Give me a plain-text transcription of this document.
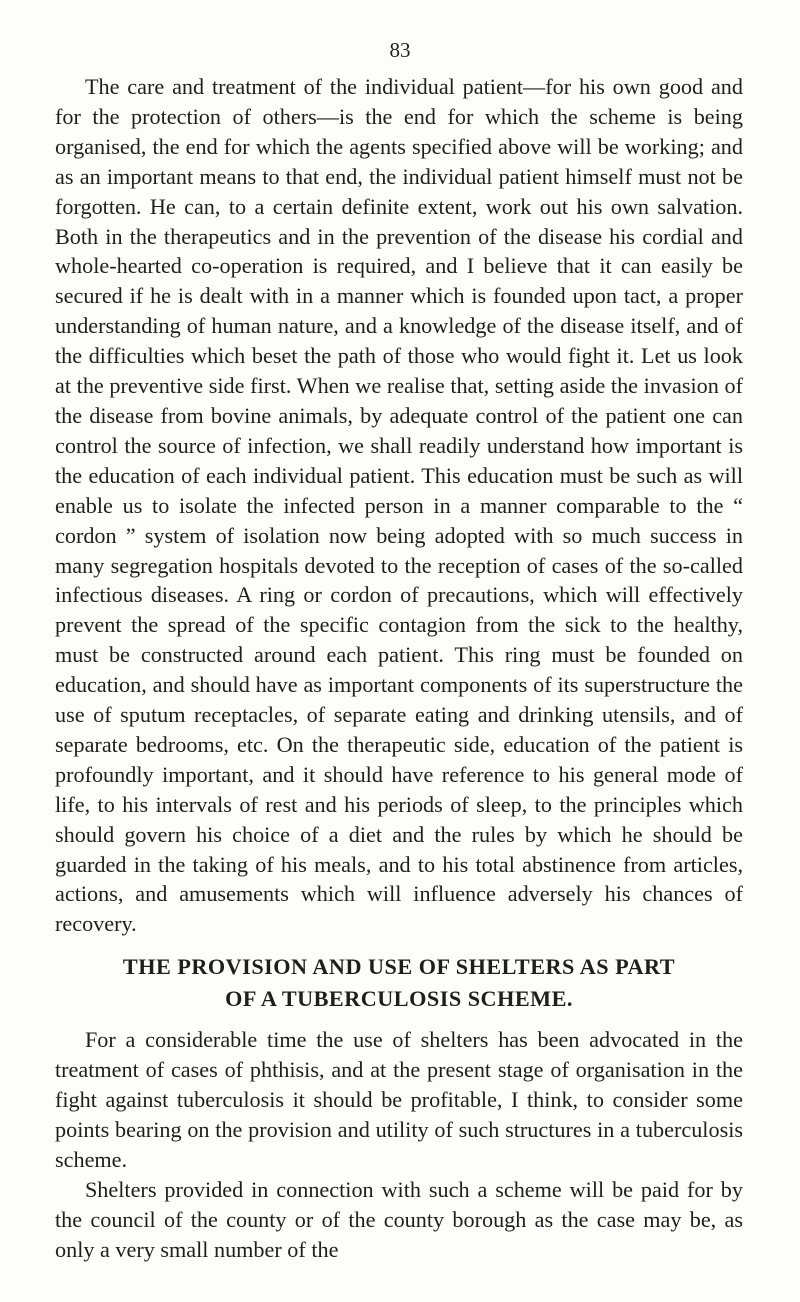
83

The care and treatment of the individual patient—for his own good and for the protection of others—is the end for which the scheme is being organised, the end for which the agents specified above will be working; and as an important means to that end, the individual patient himself must not be forgotten. He can, to a certain definite extent, work out his own salvation. Both in the therapeutics and in the prevention of the disease his cordial and whole-hearted co-operation is required, and I believe that it can easily be secured if he is dealt with in a manner which is founded upon tact, a proper understanding of human nature, and a knowledge of the disease itself, and of the difficulties which beset the path of those who would fight it. Let us look at the preventive side first. When we realise that, setting aside the invasion of the disease from bovine animals, by adequate control of the patient one can control the source of infection, we shall readily understand how important is the education of each individual patient. This education must be such as will enable us to isolate the infected person in a manner comparable to the “ cordon ” system of isolation now being adopted with so much success in many segregation hospitals devoted to the reception of cases of the so-called infectious diseases. A ring or cordon of precautions, which will effectively prevent the spread of the specific contagion from the sick to the healthy, must be constructed around each patient. This ring must be founded on education, and should have as important components of its superstructure the use of sputum receptacles, of separate eating and drinking utensils, and of separate bedrooms, etc. On the therapeutic side, education of the patient is profoundly important, and it should have reference to his general mode of life, to his intervals of rest and his periods of sleep, to the principles which should govern his choice of a diet and the rules by which he should be guarded in the taking of his meals, and to his total abstinence from articles, actions, and amusements which will influence adversely his chances of recovery.

THE PROVISION AND USE OF SHELTERS AS PART
OF A TUBERCULOSIS SCHEME.

For a considerable time the use of shelters has been advocated in the treatment of cases of phthisis, and at the present stage of organisation in the fight against tuberculosis it should be profitable, I think, to consider some points bearing on the provision and utility of such structures in a tuberculosis scheme.

Shelters provided in connection with such a scheme will be paid for by the council of the county or of the county borough as the case may be, as only a very small number of the
